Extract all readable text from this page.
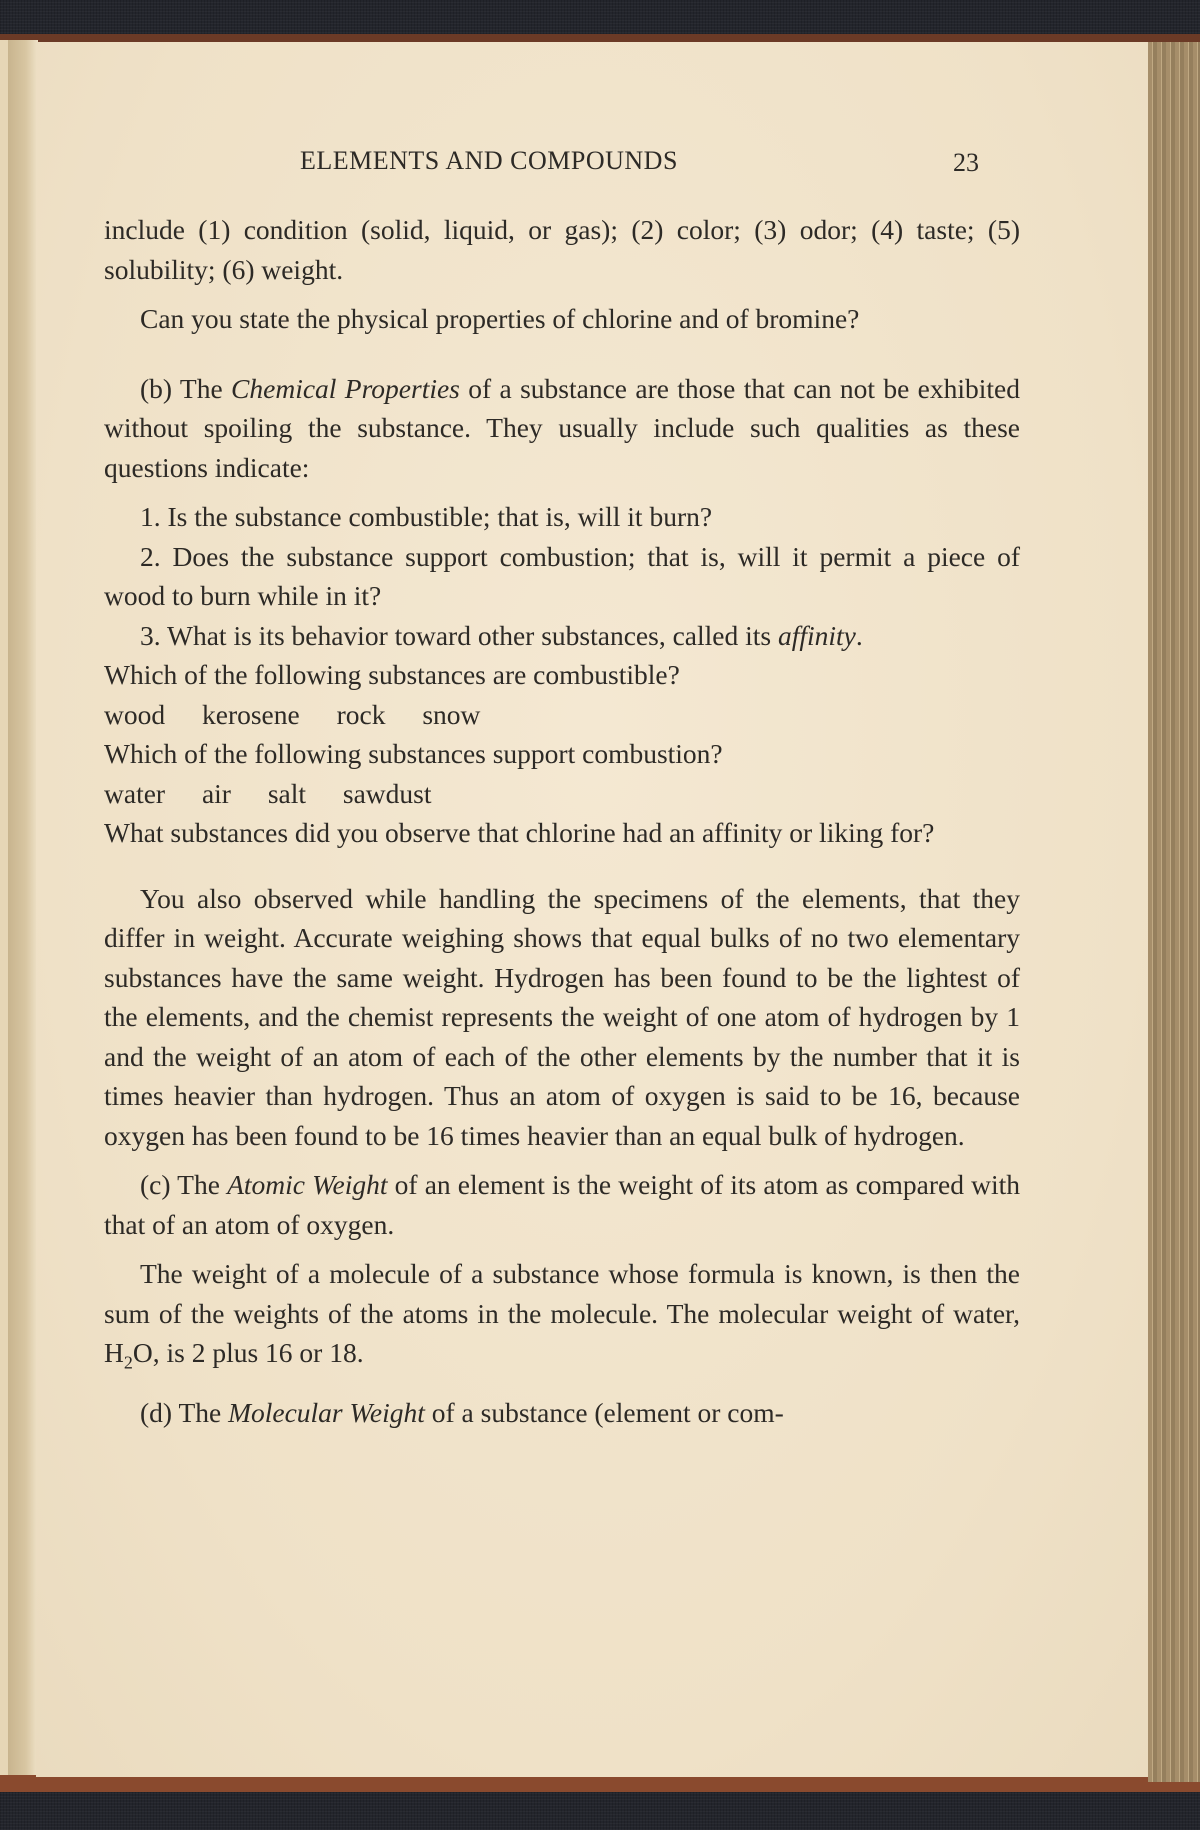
ELEMENTS AND COMPOUNDS	23

include (1) condition (solid, liquid, or gas); (2) color; (3) odor; (4) taste; (5) solubility; (6) weight.

Can you state the physical properties of chlorine and of bromine?

(b) The Chemical Properties of a substance are those that can not be exhibited without spoiling the substance. They usually include such qualities as these questions indicate:

1. Is the substance combustible; that is, will it burn?

2. Does the substance support combustion; that is, will it permit a piece of wood to burn while in it?

3. What is its behavior toward other substances, called its affinity.

Which of the following substances are combustible?

wood kerosene rock snow

Which of the following substances support combustion?

water air salt sawdust

What substances did you observe that chlorine had an affinity or liking for?

You also observed while handling the specimens of the elements, that they differ in weight. Accurate weighing shows that equal bulks of no two elementary substances have the same weight. Hydrogen has been found to be the lightest of the elements, and the chemist represents the weight of one atom of hydrogen by 1 and the weight of an atom of each of the other elements by the number that it is times heavier than hydrogen. Thus an atom of oxygen is said to be 16, because oxygen has been found to be 16 times heavier than an equal bulk of hydrogen.

(c) The Atomic Weight of an element is the weight of its atom as compared with that of an atom of oxygen.

The weight of a molecule of a substance whose formula is known, is then the sum of the weights of the atoms in the molecule. The molecular weight of water, $H_2O$, is 2 plus 16 or 18.

(d) The Molecular Weight of a substance (element or com-
